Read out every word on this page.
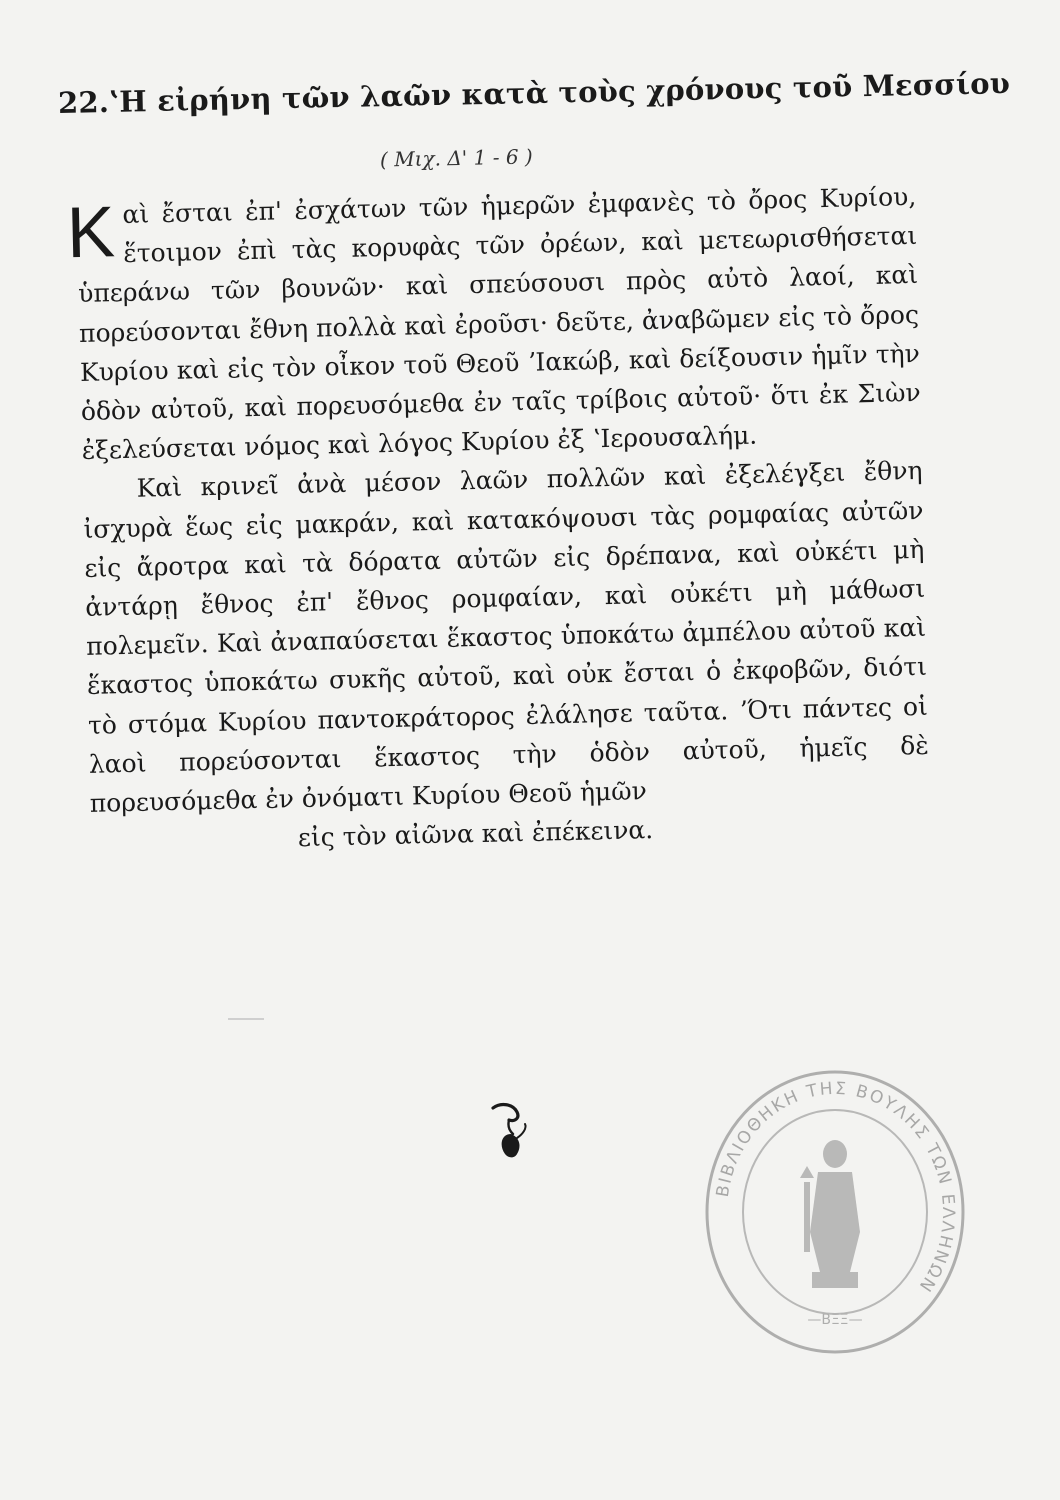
22.ʽΗ εἰρήνη τῶν λαῶν κατὰ τοὺς χρόνους τοῦ Μεσσίου
( Μιχ. Δ' 1 - 6 )

Καὶ ἔσται ἐπ' ἐσχάτων τῶν ἡμερῶν ἐμφανὲς τὸ ὄρος Κυρίου, ἕτοιμον ἐπὶ τὰς κορυφὰς τῶν ὀρέων, καὶ μετεωρισθήσεται ὑπεράνω τῶν βουνῶν· καὶ σπεύσουσι πρὸς αὐτὸ λαοί, καὶ πορεύσονται ἔθνη πολλὰ καὶ ἐροῦσι· δεῦτε, ἀναβῶμεν εἰς τὸ ὄρος Κυρίου καὶ εἰς τὸν οἶκον τοῦ Θεοῦ ʼΙακώβ, καὶ δείξουσιν ἡμῖν τὴν ὁδὸν αὐτοῦ, καὶ πορευσόμεθα ἐν ταῖς τρίβοις αὐτοῦ· ὅτι ἐκ Σιὼν ἐξελεύσεται νόμος καὶ λόγος Κυρίου ἐξ ʽΙερουσαλήμ.

Καὶ κρινεῖ ἀνὰ μέσον λαῶν πολλῶν καὶ ἐξελέγξει ἔθνη ἰσχυρὰ ἕως εἰς μακράν, καὶ κατακόψουσι τὰς ρομφαίας αὐτῶν εἰς ἄροτρα καὶ τὰ δόρατα αὐτῶν εἰς δρέπανα, καὶ οὐκέτι μὴ ἀντάρῃ ἔθνος ἐπ' ἔθνος ρομφαίαν, καὶ οὐκέτι μὴ μάθωσι πολεμεῖν. Καὶ ἀναπαύσεται ἕκαστος ὑποκάτω ἀμπέλου αὐτοῦ καὶ ἕκαστος ὑποκάτω συκῆς αὐτοῦ, καὶ οὐκ ἔσται ὁ ἐκφοβῶν, διότι τὸ στόμα Κυρίου παντοκράτορος ἐλάλησε ταῦτα. ʼΌτι πάντες οἱ λαοὶ πορεύσονται ἕκαστος τὴν ὁδὸν αὐτοῦ, ἡμεῖς δὲ πορευσόμεθα ἐν ὀνόματι Κυρίου Θεοῦ ἡμῶν

εἰς τὸν αἰῶνα καὶ ἐπέκεινα.

ΒΙΒΛΙΟΘΗΚΗ ΤΗΣ ΒΟΥΛΗΣ ΤΩΝ ΕΛΛΗΝΩΝ
—ΒΞΞ—
